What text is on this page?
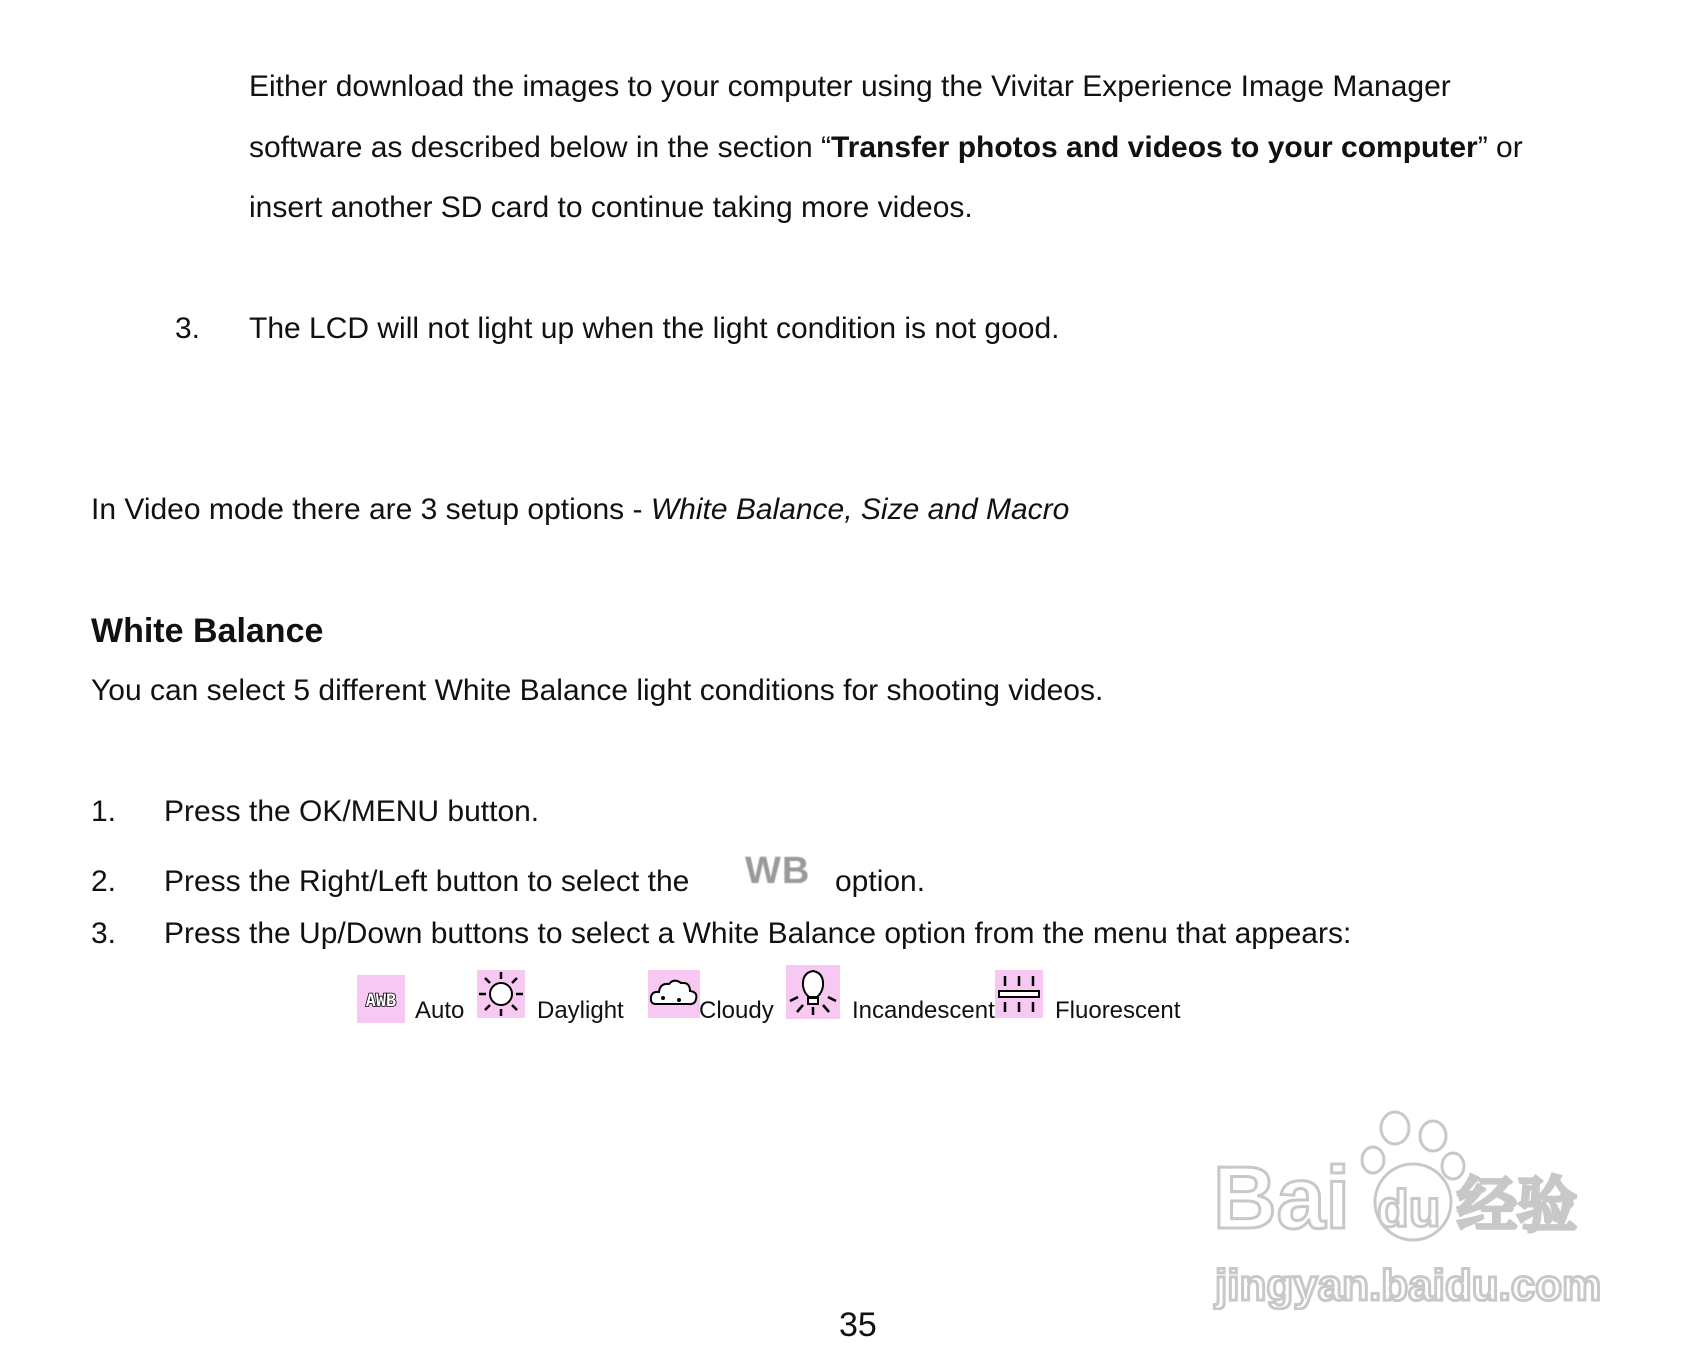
Either download the images to your computer using the Vivitar Experience Image Manager
software as described below in the section “Transfer photos and videos to your computer” or
insert another SD card to continue taking more videos.
3. The LCD will not light up when the light condition is not good.
In Video mode there are 3 setup options - White Balance, Size and Macro
White Balance
You can select 5 different White Balance light conditions for shooting videos.
1. Press the OK/MENU button.
2. Press the Right/Left button to select the WB option.
3. Press the Up/Down buttons to select a White Balance option from the menu that appears:
AWB Auto	Daylight	Cloudy	Incandescent	Fluorescent
Bai du 经验
jingyan.baidu.com
35
